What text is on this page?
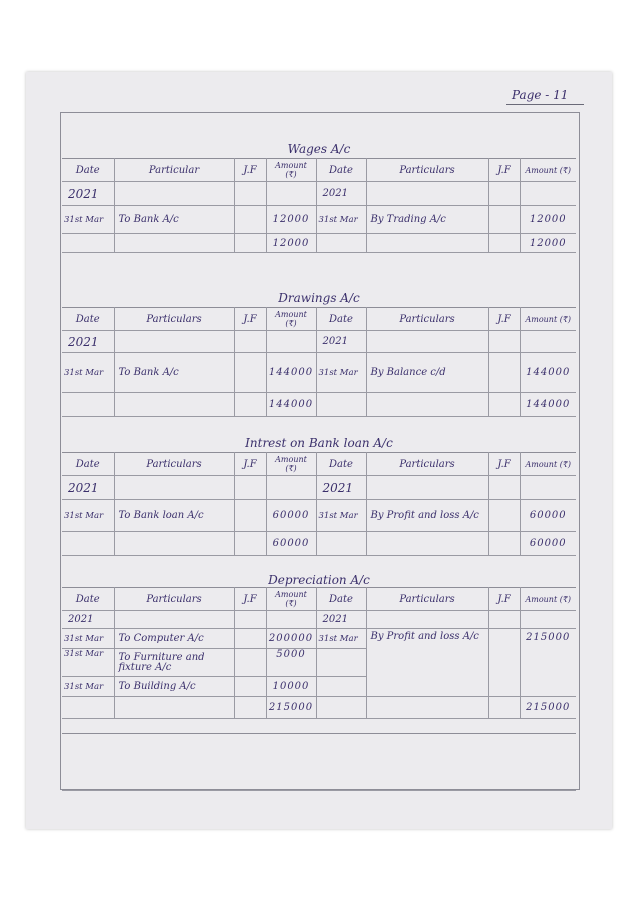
Page - 11
Wages A/c
Date	Particular	J.F	Amount (₹)	Date	Particulars	J.F	Amount (₹)
2021				2021			
31st Mar	To Bank A/c		12000	31st Mar	By Trading A/c		12000
			12000				12000
Drawings A/c
Date	Particulars	J.F	Amount (₹)	Date	Particulars	J.F	Amount (₹)
2021				2021			
31st Mar	To Bank A/c		144000	31st Mar	By Balance c/d		144000
			144000				144000
Intrest on Bank loan A/c
Date	Particulars	J.F	Amount (₹)	Date	Particulars	J.F	Amount (₹)
2021				2021			
31st Mar	To Bank loan A/c		60000	31st Mar	By Profit and loss A/c		60000
			60000				60000
Depreciation A/c
Date	Particulars	J.F	Amount (₹)	Date	Particulars	J.F	Amount (₹)
2021				2021			
31st Mar	To Computer A/c		200000	31st Mar	By Profit and loss A/c		215000
31st Mar	To Furniture and fixture A/c		5000				
31st Mar	To Building A/c		10000				
			215000				215000
